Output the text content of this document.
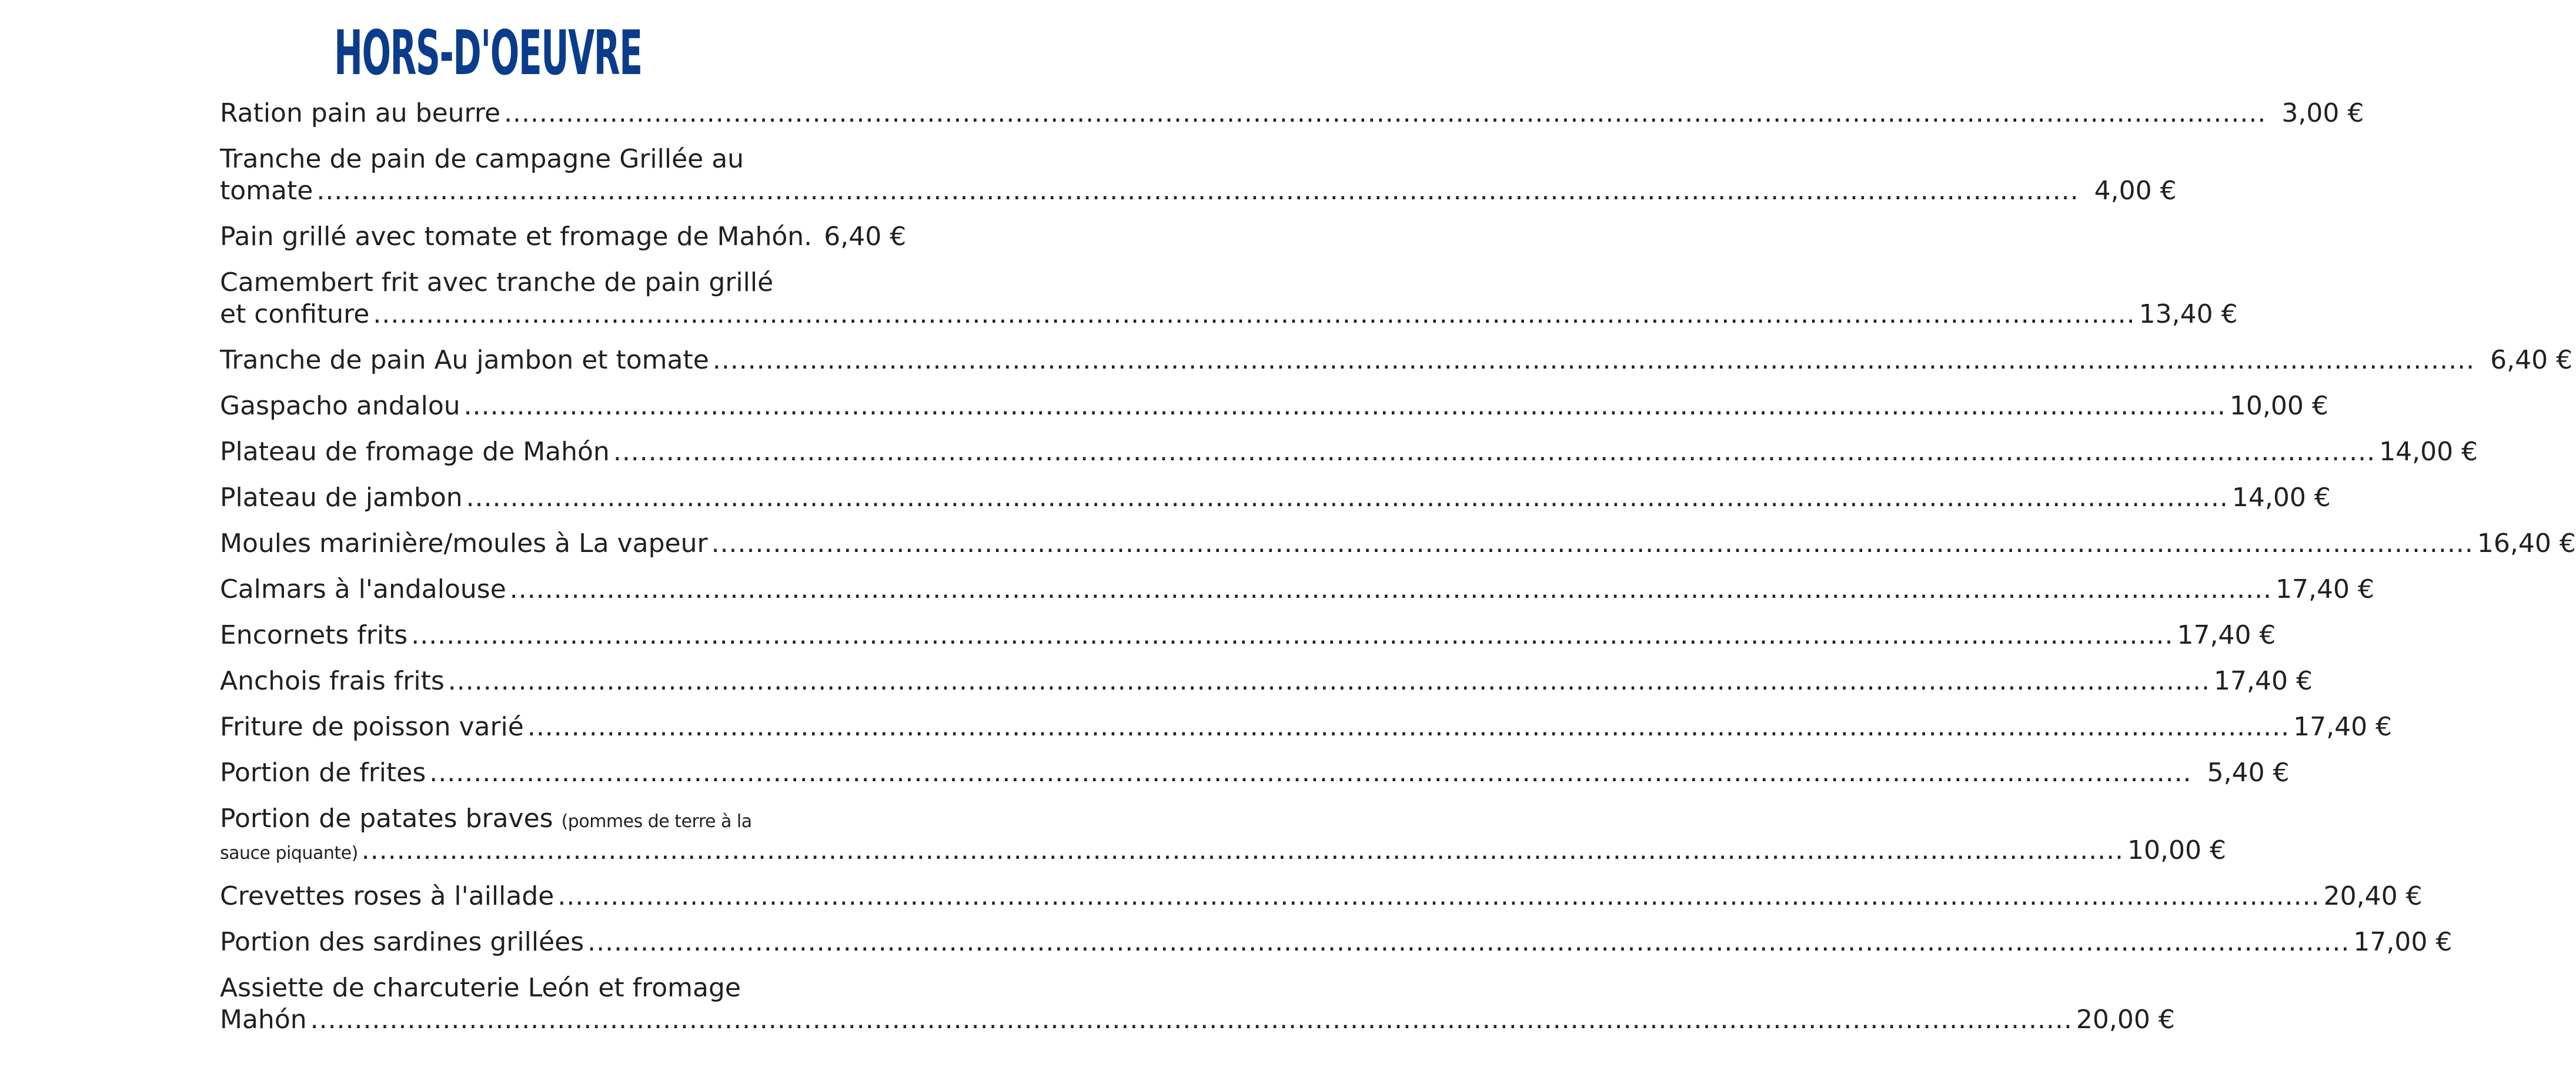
HORS-D'OEUVRE
Ration pain au beurre ........................................................................................................................................................................................................ 3,00 €
Tranche de pain de campagne Grillée au
tomate ........................................................................................................................................................................................................ 4,00 €
Pain grillé avec tomate et fromage de Mahón. 6,40 €
Camembert frit avec tranche de pain grillé
et confiture ........................................................................................................................................................................................................ 13,40 €
Tranche de pain Au jambon et tomate ........................................................................................................................................................................................................ 6,40 €
Gaspacho andalou ........................................................................................................................................................................................................ 10,00 €
Plateau de fromage de Mahón ........................................................................................................................................................................................................ 14,00 €
Plateau de jambon ........................................................................................................................................................................................................ 14,00 €
Moules marinière/moules à La vapeur ........................................................................................................................................................................................................ 16,40 €
Calmars à l'andalouse ........................................................................................................................................................................................................ 17,40 €
Encornets frits ........................................................................................................................................................................................................ 17,40 €
Anchois frais frits ........................................................................................................................................................................................................ 17,40 €
Friture de poisson varié ........................................................................................................................................................................................................ 17,40 €
Portion de frites ........................................................................................................................................................................................................ 5,40 €
Portion de patates braves (pommes de terre à la
sauce piquante) ........................................................................................................................................................................................................ 10,00 €
Crevettes roses à l'aillade ........................................................................................................................................................................................................ 20,40 €
Portion des sardines grillées ........................................................................................................................................................................................................ 17,00 €
Assiette de charcuterie León et fromage
Mahón ........................................................................................................................................................................................................ 20,00 €
